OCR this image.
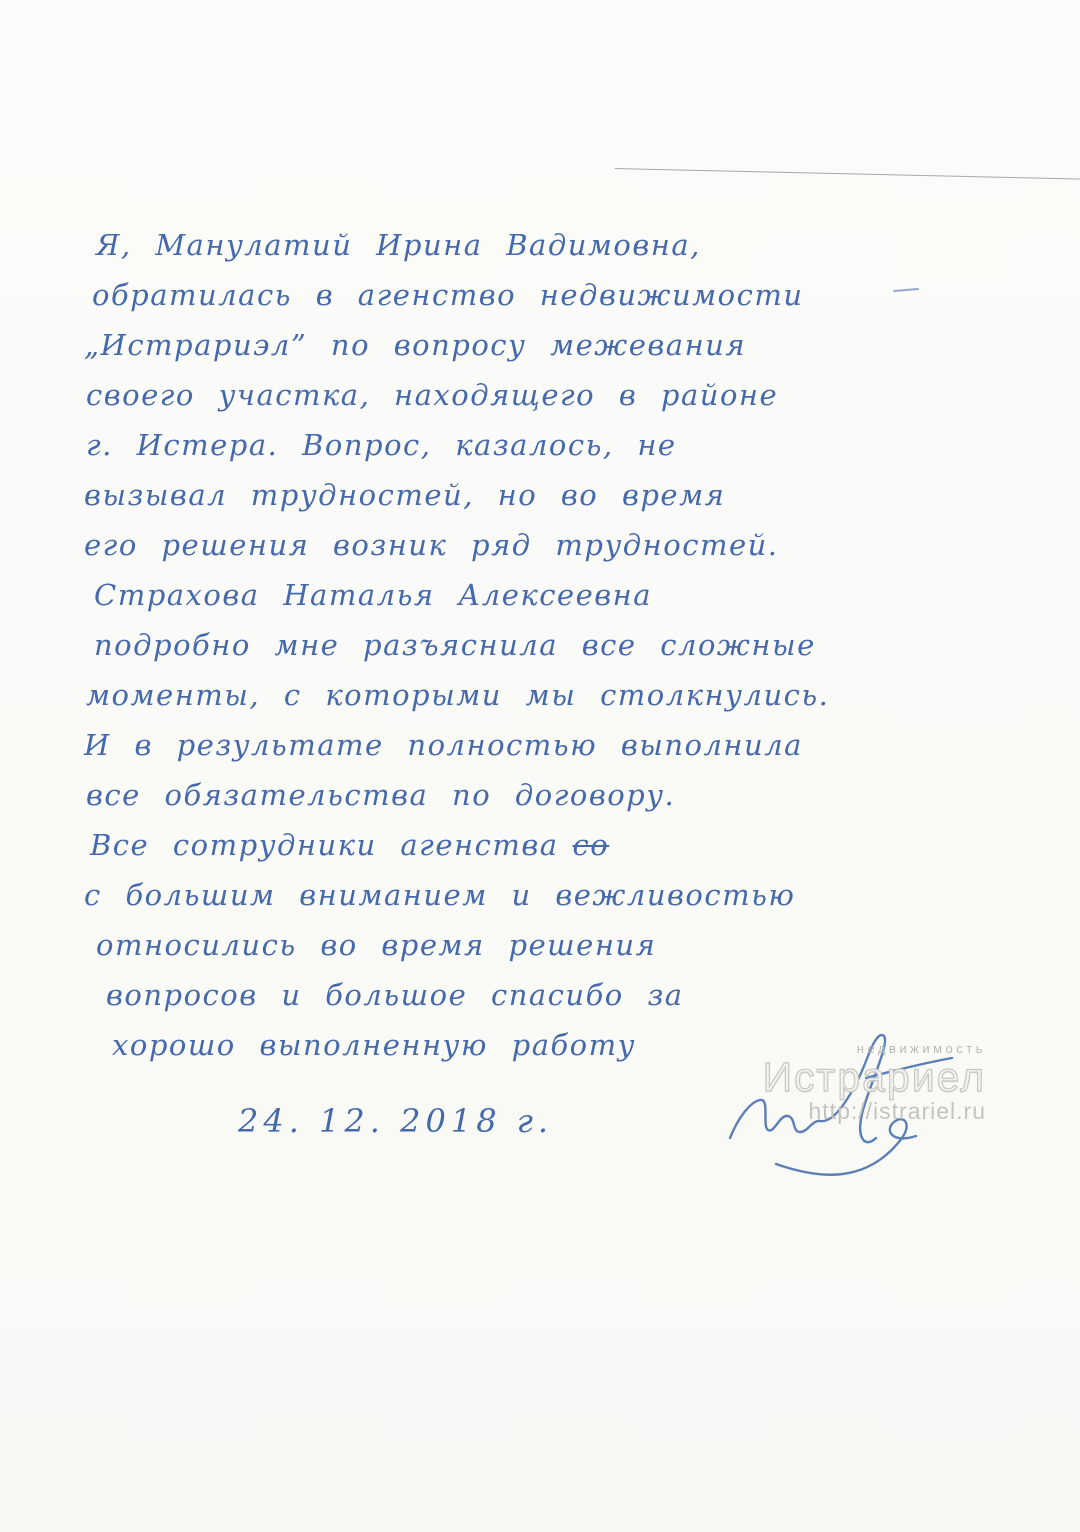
Я, Манулатий Ирина Вадимовна,
обратилась в агенство недвижимости
„Истрариэл” по вопросу межевания
своего участка, находящего в районе
г. Истера. Вопрос, казалось, не
вызывал трудностей, но во время
его решения возник ряд трудностей.
Страхова Наталья Алексеевна
подробно мне разъяснила все сложные
моменты, с которыми мы столкнулись.
И в результате полностью выполнила
все обязательства по договору.
Все сотрудники агенства со
с большим вниманием и вежливостью
относились во время решения
вопросов и большое спасибо за
хорошо выполненную работу
24. 12. 2018 г.
недвижимость
Истрариел
http://istrariel.ru
